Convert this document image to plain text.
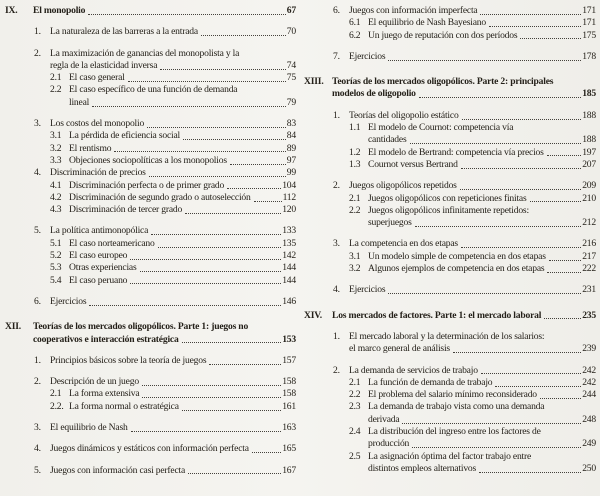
IX.	El monopolio	67
1. La naturaleza de las barreras a la entrada	70
2. La maximización de ganancias del monopolista y la
regla de la elasticidad inversa	74
2.1 El caso general	75
2.2 El caso específico de una función de demanda
lineal	79
3. Los costos del monopolio	83
3.1 La pérdida de eficiencia social	84
3.2 El rentismo	89
3.3 Objeciones sociopolíticas a los monopolios	97
4. Discriminación de precios	99
4.1 Discriminación perfecta o de primer grado	104
4.2 Discriminación de segundo grado o autoselección	112
4.3 Discriminación de tercer grado	120
5. La política antimonopólica	133
5.1 El caso norteamericano	135
5.2 El caso europeo	142
5.3 Otras experiencias	144
5.4 El caso peruano	144
6. Ejercicios	146
XII.	Teorías de los mercados oligopólicos. Parte 1: juegos no
cooperativos e interacción estratégica	153
1. Principios básicos sobre la teoría de juegos	157
2. Descripción de un juego	158
2.1 La forma extensiva	158
2.2. La forma normal o estratégica	161
3. El equilibrio de Nash	163
4. Juegos dinámicos y estáticos con información perfecta	165
5. Juegos con información casi perfecta	167
6. Juegos con información imperfecta	171
6.1 El equilibrio de Nash Bayesiano	171
6.2 Un juego de reputación con dos períodos	175
7. Ejercicios	178
XIII. Teorías de los mercados oligopólicos. Parte 2: principales
modelos de oligopolio	185
1. Teorías del oligopolio estático	188
1.1 El modelo de Cournot: competencia vía
cantidades	188
1.2 El modelo de Bertrand: competencia vía precios	197
1.3 Cournot versus Bertrand	207
2. Juegos oligopólicos repetidos	209
2.1 Juegos oligopólicos con repeticiones finitas	210
2.2 Juegos oligopólicos infinitamente repetidos:
superjuegos	212
3. La competencia en dos etapas	216
3.1 Un modelo simple de competencia en dos etapas	217
3.2 Algunos ejemplos de competencia en dos etapas	222
4. Ejercicios	231
XIV.	Los mercados de factores. Parte 1: el mercado laboral	235
1. El mercado laboral y la determinación de los salarios:
el marco general de análisis	239
2. La demanda de servicios de trabajo	242
2.1 La función de demanda de trabajo	242
2.2 El problema del salario mínimo reconsiderado	244
2.3 La demanda de trabajo vista como una demanda
derivada	248
2.4 La distribución del ingreso entre los factores de
producción	249
2.5 La asignación óptima del factor trabajo entre
distintos empleos alternativos	250
